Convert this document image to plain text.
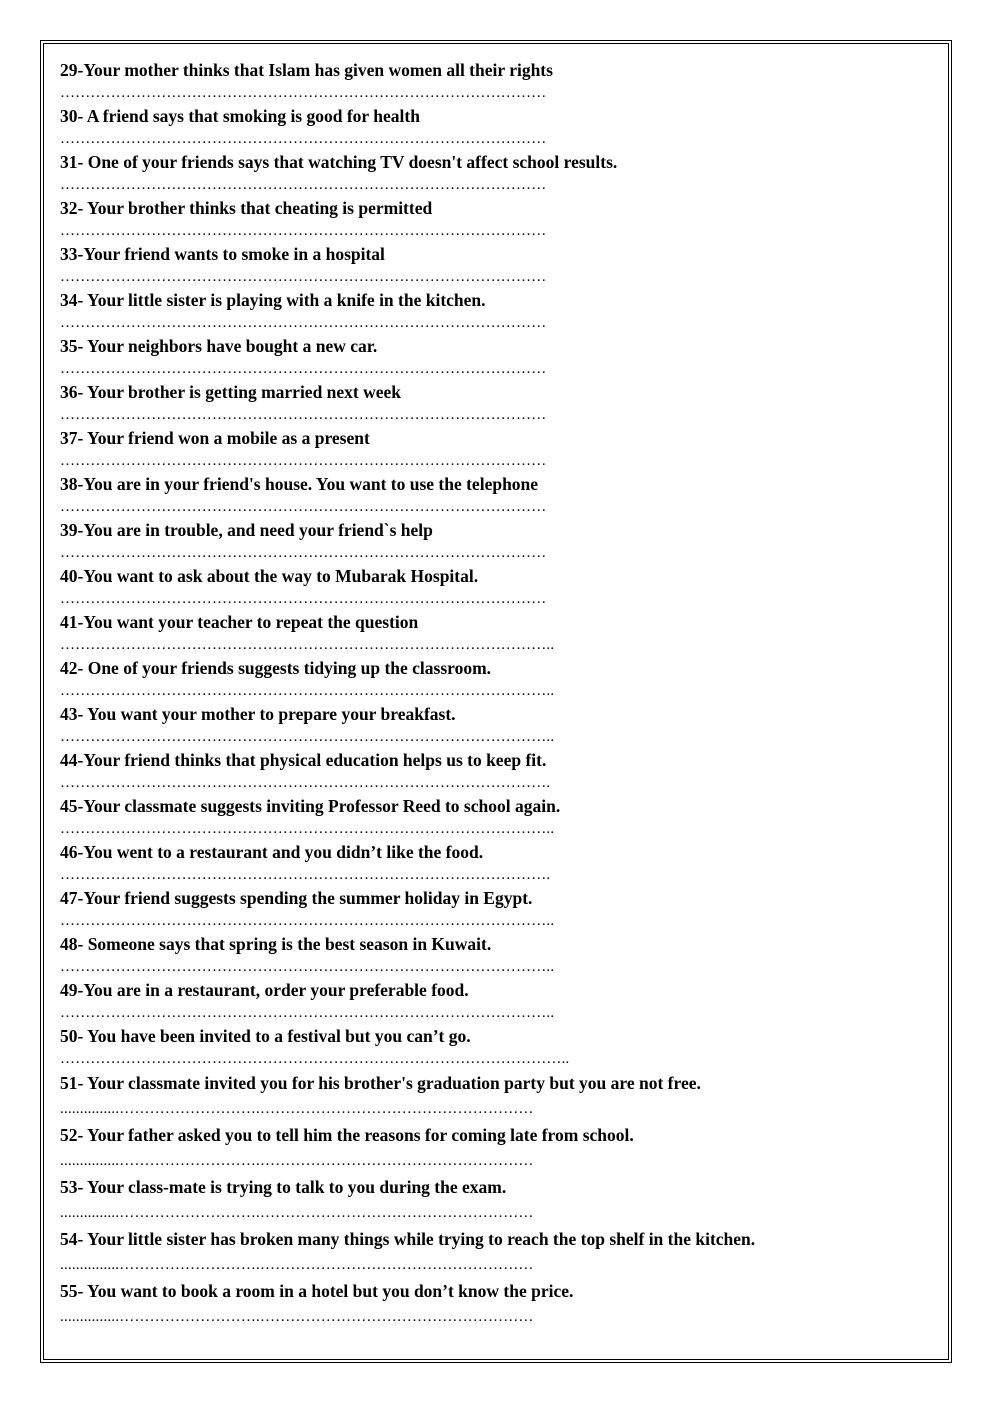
29-Your mother thinks that Islam has given women all their rights
……………………………………………………………………………………
30- A friend says that smoking is good for health
……………………………………………………………………………………
31- One of your friends says that watching TV doesn't affect school results.
……………………………………………………………………………………
32- Your brother thinks that cheating is permitted
……………………………………………………………………………………
33-Your friend wants to smoke in a hospital
……………………………………………………………………………………
34- Your little sister is playing with a knife in the kitchen.
……………………………………………………………………………………
35- Your neighbors have bought a new car.
……………………………………………………………………………………
36- Your brother is getting married next week
……………………………………………………………………………………
37- Your friend won a mobile as a present
……………………………………………………………………………………
38-You are in your friend's house. You want to use the telephone
……………………………………………………………………………………
39-You are in trouble, and need your friend`s help
……………………………………………………………………………………
40-You want to ask about the way to Mubarak Hospital.
……………………………………………………………………………………
41-You want your teacher to repeat the question
……………………………………………………………………………………..
42- One of your friends suggests tidying up the classroom.
……………………………………………………………………………………..
43- You want your mother to prepare your breakfast.
……………………………………………………………………………………..
44-Your friend thinks that physical education helps us to keep fit.
…………………………………………………………………………………….
45-Your classmate suggests inviting Professor Reed to school again.
……………………………………………………………………………………..
46-You went to a restaurant and you didn’t like the food.
…………………………………………………………………………………….
47-Your friend suggests spending the summer holiday in Egypt.
……………………………………………………………………………………..
48- Someone says that spring is the best season in Kuwait.
……………………………………………………………………………………..
49-You are in a restaurant, order your preferable food.
……………………………………………………………………………………..
50- You have been invited to a festival but you can’t go.
………………………………………………………………………………………..
51- Your classmate invited you for his brother's graduation party but you are not free.
...............……………………….………………………………………………
52- Your father asked you to tell him the reasons for coming late from school.
...............……………………….………………………………………………
53- Your class-mate is trying to talk to you during the exam.
...............……………………….………………………………………………
54- Your little sister has broken many things while trying to reach the top shelf in the kitchen.
...............……………………….………………………………………………
55- You want to book a room in a hotel but you don’t know the price.
...............……………………….………………………………………………
